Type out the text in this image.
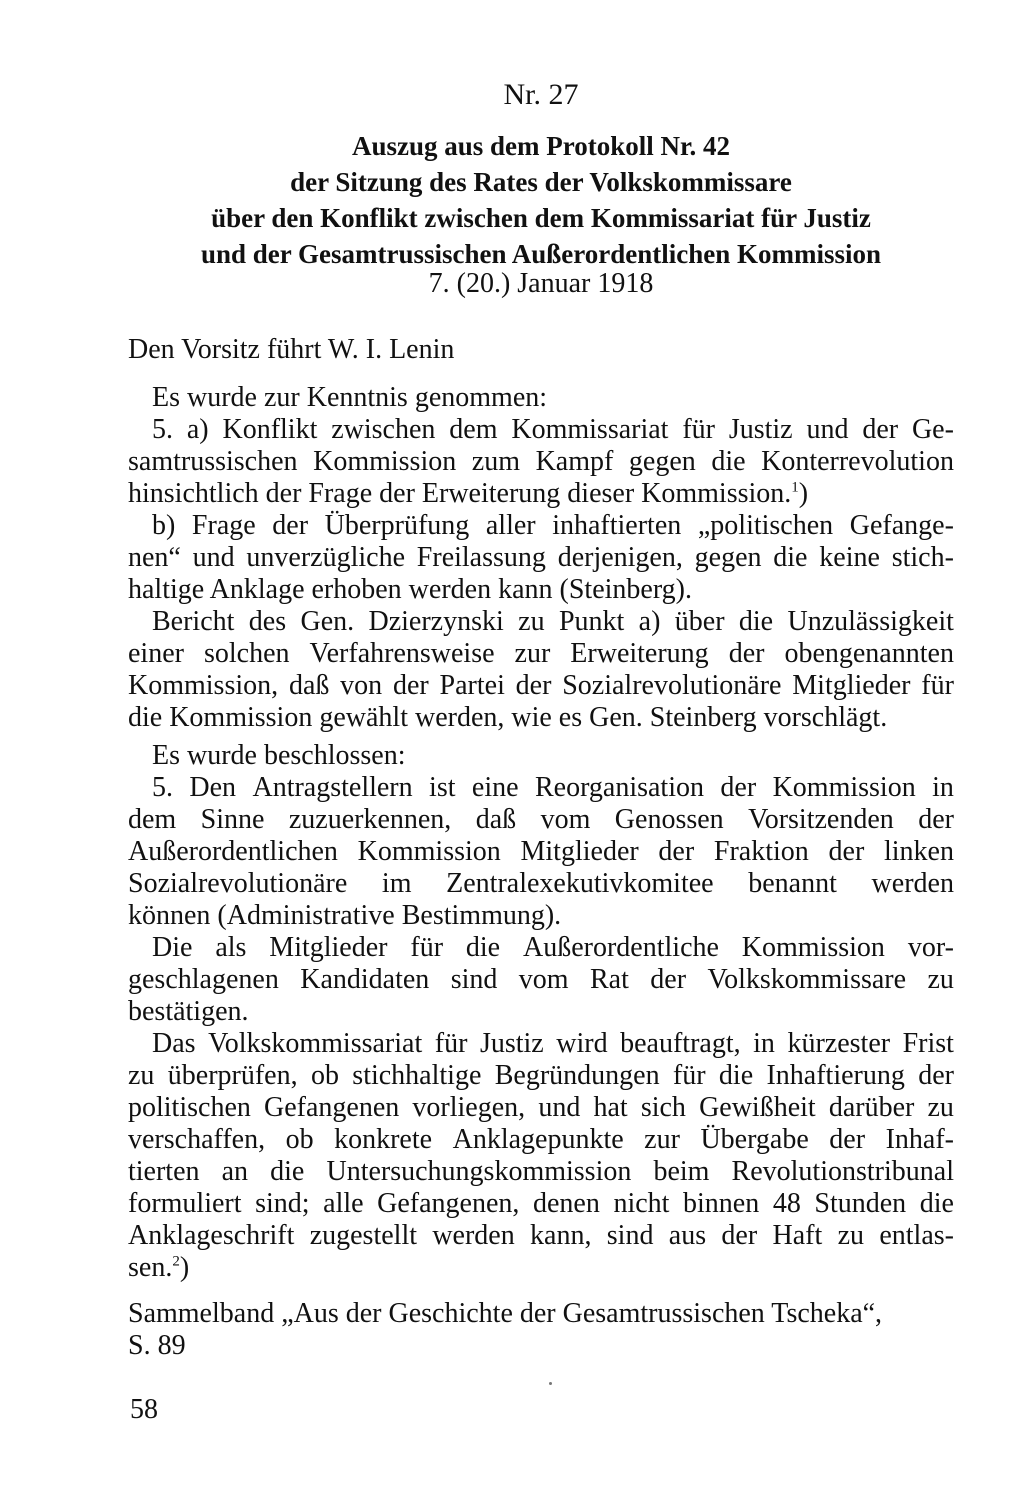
Nr. 27
Auszug aus dem Protokoll Nr. 42
der Sitzung des Rates der Volkskommissare
über den Konflikt zwischen dem Kommissariat für Justiz
und der Gesamtrussischen Außerordentlichen Kommission
7. (20.) Januar 1918
Den Vorsitz führt W. I. Lenin
Es wurde zur Kenntnis genommen:
5. a) Konflikt zwischen dem Kommissariat für Justiz und der Ge-
samtrussischen Kommission zum Kampf gegen die Konterrevolution
hinsichtlich der Frage der Erweiterung dieser Kommission.$^1$)
b) Frage der Überprüfung aller inhaftierten „politischen Gefange-
nen“ und unverzügliche Freilassung derjenigen, gegen die keine stich-
haltige Anklage erhoben werden kann (Steinberg).
Bericht des Gen. Dzierzynski zu Punkt a) über die Unzulässigkeit
einer solchen Verfahrensweise zur Erweiterung der obengenannten
Kommission, daß von der Partei der Sozialrevolutionäre Mitglieder für
die Kommission gewählt werden, wie es Gen. Steinberg vorschlägt.
Es wurde beschlossen:
5. Den Antragstellern ist eine Reorganisation der Kommission in
dem Sinne zuzuerkennen, daß vom Genossen Vorsitzenden der
Außerordentlichen Kommission Mitglieder der Fraktion der linken
Sozialrevolutionäre im Zentralexekutivkomitee benannt werden
können (Administrative Bestimmung).
Die als Mitglieder für die Außerordentliche Kommission vor-
geschlagenen Kandidaten sind vom Rat der Volkskommissare zu
bestätigen.
Das Volkskommissariat für Justiz wird beauftragt, in kürzester Frist
zu überprüfen, ob stichhaltige Begründungen für die Inhaftierung der
politischen Gefangenen vorliegen, und hat sich Gewißheit darüber zu
verschaffen, ob konkrete Anklagepunkte zur Übergabe der Inhaf-
tierten an die Untersuchungskommission beim Revolutionstribunal
formuliert sind; alle Gefangenen, denen nicht binnen 48 Stunden die
Anklageschrift zugestellt werden kann, sind aus der Haft zu entlas-
sen.$^2$)
Sammelband „Aus der Geschichte der Gesamtrussischen Tscheka“,
S. 89
58
